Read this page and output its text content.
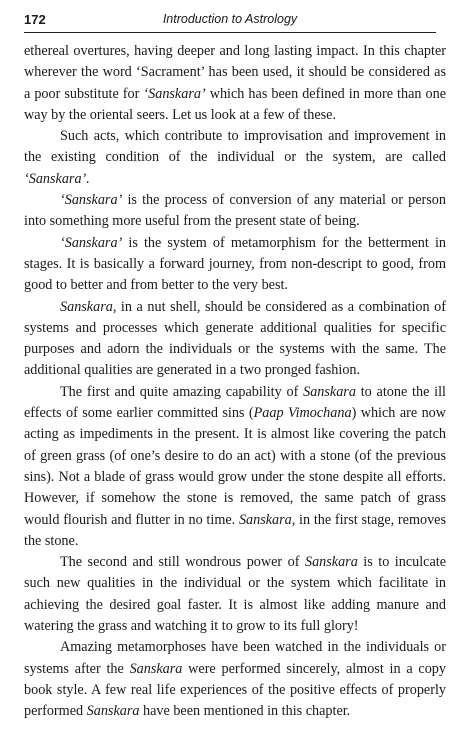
172	Introduction to Astrology

ethereal overtures, having deeper and long lasting impact. In this chapter wherever the word ‘Sacrament’ has been used, it should be considered as a poor substitute for ‘Sanskara’ which has been defined in more than one way by the oriental seers. Let us look at a few of these.

Such acts, which contribute to improvisation and improvement in the existing condition of the individual or the system, are called ‘Sanskara’.

‘Sanskara’ is the process of conversion of any material or person into something more useful from the present state of being.

‘Sanskara’ is the system of metamorphism for the betterment in stages. It is basically a forward journey, from non-descript to good, from good to better and from better to the very best.

Sanskara, in a nut shell, should be considered as a combination of systems and processes which generate additional qualities for specific purposes and adorn the individuals or the systems with the same. The additional qualities are generated in a two pronged fashion.

The first and quite amazing capability of Sanskara to atone the ill effects of some earlier committed sins (Paap Vimochana) which are now acting as impediments in the present. It is almost like covering the patch of green grass (of one’s desire to do an act) with a stone (of the previous sins). Not a blade of grass would grow under the stone despite all efforts. However, if somehow the stone is removed, the same patch of grass would flourish and flutter in no time. Sanskara, in the first stage, removes the stone.

The second and still wondrous power of Sanskara is to inculcate such new qualities in the individual or the system which facilitate in achieving the desired goal faster. It is almost like adding manure and watering the grass and watching it to grow to its full glory!

Amazing metamorphoses have been watched in the individuals or systems after the Sanskara were performed sincerely, almost in a copy book style. A few real life experiences of the positive effects of properly performed Sanskara have been mentioned in this chapter.
